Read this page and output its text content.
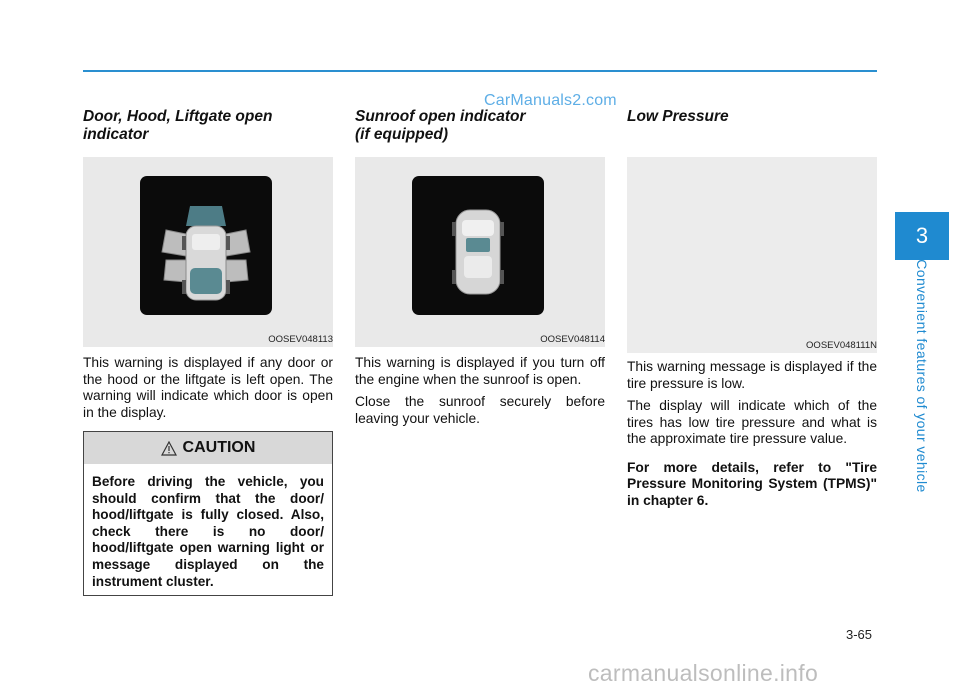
CarManuals2.com
Door, Hood, Liftgate open
indicator
OOSEV048113

This warning is displayed if any door or the hood or the liftgate is left open. The warning will indicate which door is open in the display.

CAUTION
Before driving the vehicle, you should confirm that the door/ hood/liftgate is fully closed. Also, check there is no door/ hood/liftgate open warning light or message displayed on the instrument cluster.
Sunroof open indicator
(if equipped)
OOSEV048114

This warning is displayed if you turn off the engine when the sunroof is open.

Close the sunroof securely before leaving your vehicle.

Low Pressure
OOSEV048111N

This warning message is displayed if the tire pressure is low.

The display will indicate which of the tires has low tire pressure and what is the approximate tire pressure value.

For more details, refer to "Tire Pressure Monitoring System (TPMS)" in chapter 6.

3
Convenient features of your vehicle
3-65
carmanualsonline.info
